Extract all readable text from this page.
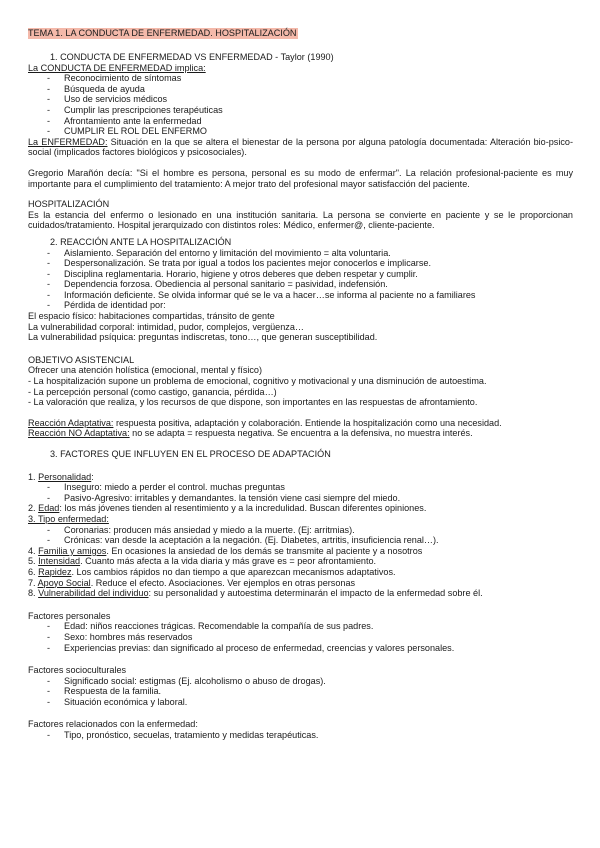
TEMA 1. LA CONDUCTA DE ENFERMEDAD. HOSPITALIZACIÓN
1. CONDUCTA DE ENFERMEDAD VS ENFERMEDAD - Taylor (1990)
La CONDUCTA DE ENFERMEDAD implica:
- Reconocimiento de síntomas
- Búsqueda de ayuda
- Uso de servicios médicos
- Cumplir las prescripciones terapéuticas
- Afrontamiento ante la enfermedad
- CUMPLIR EL ROL DEL ENFERMO
La ENFERMEDAD: Situación en la que se altera el bienestar de la persona por alguna patología documentada: Alteración bio-psico-social (implicados factores biológicos y psicosociales).
Gregorio Marañón decía: "Si el hombre es persona, personal es su modo de enfermar". La relación profesional-paciente es muy importante para el cumplimiento del tratamiento: A mejor trato del profesional mayor satisfacción del paciente.
HOSPITALIZACIÓN
Es la estancia del enfermo o lesionado en una institución sanitaria. La persona se convierte en paciente y se le proporcionan cuidados/tratamiento. Hospital jerarquizado con distintos roles: Médico, enfermer@, cliente-paciente.
2. REACCIÓN ANTE LA HOSPITALIZACIÓN
- Aislamiento. Separación del entorno y limitación del movimiento = alta voluntaria.
- Despersonalización. Se trata por igual a todos los pacientes mejor conocerlos e implicarse.
- Disciplina reglamentaria. Horario, higiene y otros deberes que deben respetar y cumplir.
- Dependencia forzosa. Obediencia al personal sanitario = pasividad, indefensión.
- Información deficiente. Se olvida informar qué se le va a hacer…se informa al paciente no a familiares
- Pérdida de identidad por:
El espacio físico: habitaciones compartidas, tránsito de gente
La vulnerabilidad corporal: intimidad, pudor, complejos, vergüenza…
La vulnerabilidad psíquica: preguntas indiscretas, tono…, que generan susceptibilidad.
OBJETIVO ASISTENCIAL
Ofrecer una atención holística (emocional, mental y físico)
- La hospitalización supone un problema de emocional, cognitivo y motivacional y una disminución de autoestima.
- La percepción personal (como castigo, ganancia, pérdida…)
- La valoración que realiza, y los recursos de que dispone, son importantes en las respuestas de afrontamiento.
Reacción Adaptativa: respuesta positiva, adaptación y colaboración. Entiende la hospitalización como una necesidad.
Reacción NO Adaptativa: no se adapta = respuesta negativa. Se encuentra a la defensiva, no muestra interés.
3. FACTORES QUE INFLUYEN EN EL PROCESO DE ADAPTACIÓN
1. Personalidad:
- Inseguro: miedo a perder el control. muchas preguntas
- Pasivo-Agresivo: irritables y demandantes. la tensión viene casi siempre del miedo.
2. Edad: los más jóvenes tienden al resentimiento y a la incredulidad. Buscan diferentes opiniones.
3. Tipo enfermedad:
- Coronarias: producen más ansiedad y miedo a la muerte. (Ej: arritmias).
- Crónicas: van desde la aceptación a la negación. (Ej. Diabetes, artritis, insuficiencia renal…).
4. Familia y amigos. En ocasiones la ansiedad de los demás se transmite al paciente y a nosotros
5. Intensidad. Cuanto más afecta a la vida diaria y más grave es = peor afrontamiento.
6. Rapidez. Los cambios rápidos no dan tiempo a que aparezcan mecanismos adaptativos.
7. Apoyo Social. Reduce el efecto. Asociaciones. Ver ejemplos en otras personas
8. Vulnerabilidad del individuo: su personalidad y autoestima determinarán el impacto de la enfermedad sobre él.
Factores personales
- Edad: niños reacciones trágicas. Recomendable la compañía de sus padres.
- Sexo: hombres más reservados
- Experiencias previas: dan significado al proceso de enfermedad, creencias y valores personales.
Factores socioculturales
- Significado social: estigmas (Ej. alcoholismo o abuso de drogas).
- Respuesta de la familia.
- Situación económica y laboral.
Factores relacionados con la enfermedad:
- Tipo, pronóstico, secuelas, tratamiento y medidas terapéuticas.
